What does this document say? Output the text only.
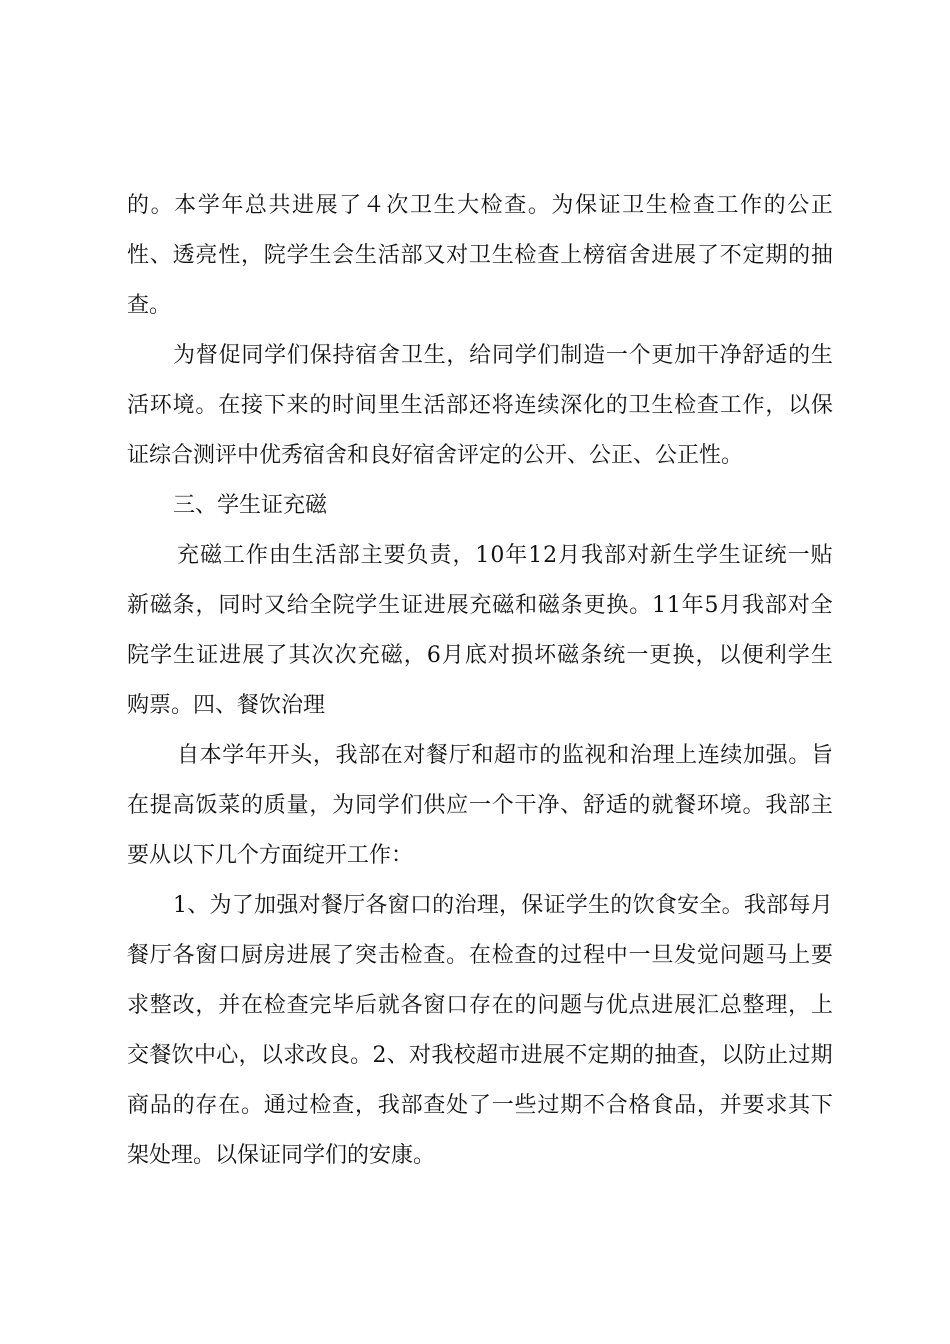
的 。 本 学 年 总 共 进 展 了 ４ 次 卫 生 大 检 查 。 为 保 证 卫 生 检 查 工 作 的 公 正
性 、 透 亮 性 ， 院 学 生 会 生 活 部 又 对 卫 生 检 查 上 榜 宿 舍 进 展 了 不 定 期 的 抽
查。
为 督 促 同 学 们 保 持 宿 舍 卫 生 ， 给 同 学 们 制 造 一 个 更 加 干 净 舒 适 的 生
活 环 境 。 在 接 下 来 的 时 间 里 生 活 部 还 将 连 续 深 化 的 卫 生 检 查 工 作 ， 以 保
证综合测评中优秀宿舍和良好宿舍评定的公开、公正、公正性。
三、学生证充磁
充 磁 工 作 由 生 活 部 主 要 负 责 ， 1 0 年 1 2 月 我 部 对 新 生 学 生 证 统 一 贴
新 磁 条 ， 同 时 又 给 全 院 学 生 证 进 展 充 磁 和 磁 条 更 换 。 1 1 年 5 月 我 部 对 全
院 学 生 证 进 展 了 其 次 次 充 磁 ， 6 月 底 对 损 坏 磁 条 统 一 更 换 ， 以 便 利 学 生
购票。四、餐饮治理
自 本 学 年 开 头 ， 我 部 在 对 餐 厅 和 超 市 的 监 视 和 治 理 上 连 续 加 强 。 旨
在 提 高 饭 菜 的 质 量 ， 为 同 学 们 供 应 一 个 干 净 、 舒 适 的 就 餐 环 境 。 我 部 主
要从以下几个方面绽开工作：
1 、 为 了 加 强 对 餐 厅 各 窗 口 的 治 理 ， 保 证 学 生 的 饮 食 安 全 。 我 部 每 月
餐 厅 各 窗 口 厨 房 进 展 了 突 击 检 查 。 在 检 查 的 过 程 中 一 旦 发 觉 问 题 马 上 要
求 整 改 ， 并 在 检 查 完 毕 后 就 各 窗 口 存 在 的 问 题 与 优 点 进 展 汇 总 整 理 ， 上
交 餐 饮 中 心 ， 以 求 改 良 。 2 、 对 我 校 超 市 进 展 不 定 期 的 抽 查 ， 以 防 止 过 期
商 品 的 存 在 。 通 过 检 查 ， 我 部 查 处 了 一 些 过 期 不 合 格 食 品 ， 并 要 求 其 下
架处理。以保证同学们的安康。
